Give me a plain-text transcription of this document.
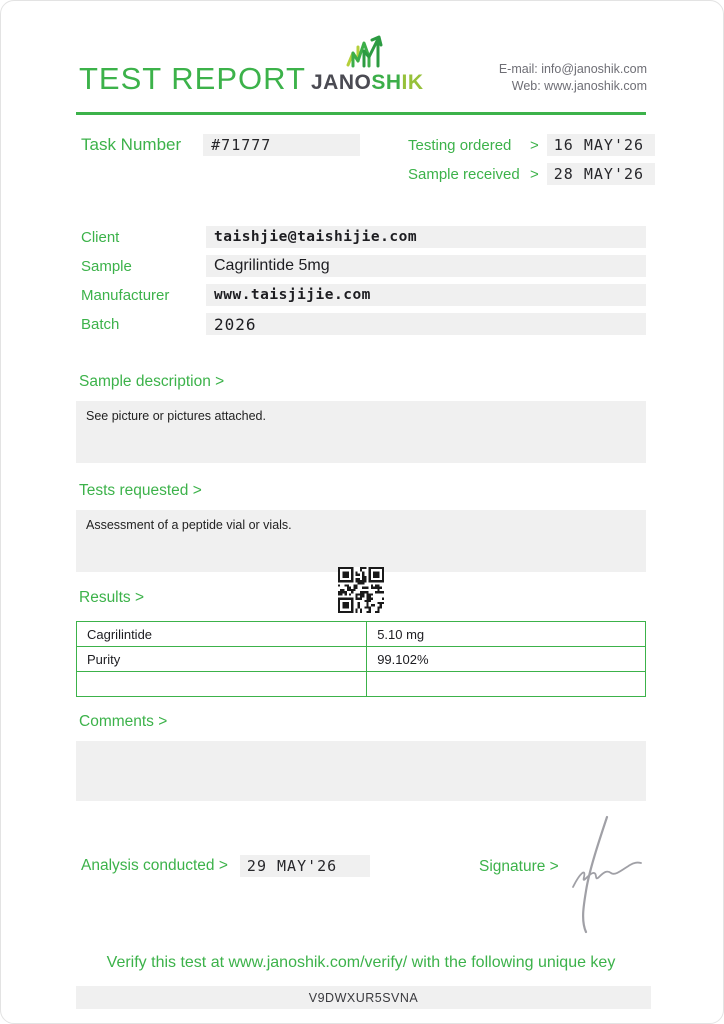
TEST REPORT JANOSHIK
E-mail: info@janoshik.com
Web: www.janoshik.com
Task Number	#71777	Testing ordered	>	16 MAY'26
Sample received >	28 MAY'26
Client	taishjie@taishijie.com
Sample	Cagrilintide 5mg
Manufacturer	www.taisjijie.com
Batch	2026
Sample description >
See picture or pictures attached.
Tests requested >
Assessment of a peptide vial or vials.
Results >
Cagrilintide	5.10 mg
Purity	99.102%

Comments >
Analysis conducted >	29 MAY'26	Signature >
Verify this test at www.janoshik.com/verify/ with the following unique key
V9DWXUR5SVNA
